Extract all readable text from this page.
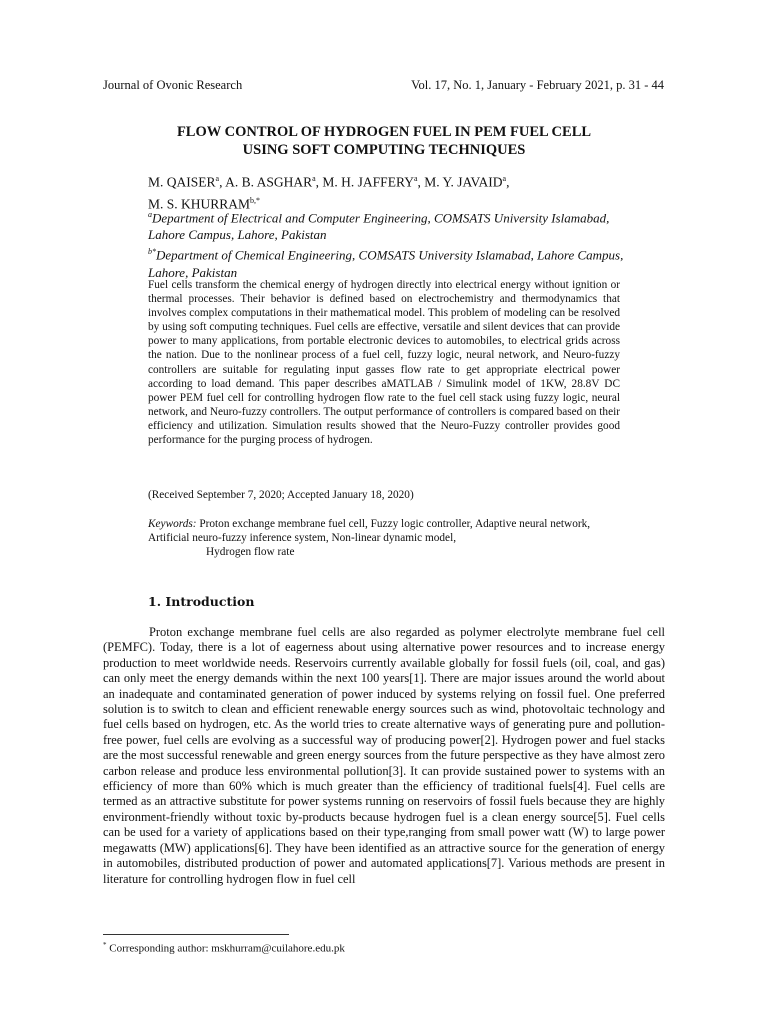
Journal of Ovonic Research	Vol. 17, No. 1, January - February 2021, p. 31 - 44
FLOW CONTROL OF HYDROGEN FUEL IN PEM FUEL CELL
USING SOFT COMPUTING TECHNIQUES
M. QAISER$^a$, A. B. ASGHAR$^a$, M. H. JAFFERY$^a$, M. Y. JAVAID$^a$,
M. S. $KHURRAM^{b,*}$
$^a$Department of Electrical and Computer Engineering, COMSATS University Islamabad, Lahore Campus, Lahore, Pakistan
$^{b*}$Department of Chemical Engineering, COMSATS University Islamabad, Lahore Campus, Lahore, Pakistan
Fuel cells transform the chemical energy of hydrogen directly into electrical energy without ignition or thermal processes. Their behavior is defined based on electrochemistry and thermodynamics that involves complex computations in their mathematical model. This problem of modeling can be resolved by using soft computing techniques. Fuel cells are effective, versatile and silent devices that can provide power to many applications, from portable electronic devices to automobiles, to electrical grids across the nation. Due to the nonlinear process of a fuel cell, fuzzy logic, neural network, and Neuro-fuzzy controllers are suitable for regulating input gasses flow rate to get appropriate electrical power according to load demand. This paper describes aMATLAB / Simulink model of 1KW, 28.8V DC power PEM fuel cell for controlling hydrogen flow rate to the fuel cell stack using fuzzy logic, neural network, and Neuro-fuzzy controllers. The output performance of controllers is compared based on their efficiency and utilization. Simulation results showed that the Neuro-Fuzzy controller provides good performance for the purging process of hydrogen.
(Received September 7, 2020; Accepted January 18, 2020)
Keywords: Proton exchange membrane fuel cell, Fuzzy logic controller, Adaptive neural network, Artificial neuro-fuzzy inference system, Non-linear dynamic model,
Hydrogen flow rate
1. Introduction
Proton exchange membrane fuel cells are also regarded as polymer electrolyte membrane fuel cell (PEMFC). Today, there is a lot of eagerness about using alternative power resources and to increase energy production to meet worldwide needs. Reservoirs currently available globally for fossil fuels (oil, coal, and gas) can only meet the energy demands within the next 100 years[1]. There are major issues around the world about an inadequate and contaminated generation of power induced by systems relying on fossil fuel. One preferred solution is to switch to clean and efficient renewable energy sources such as wind, photovoltaic technology and fuel cells based on hydrogen, etc. As the world tries to create alternative ways of generating pure and pollution-free power, fuel cells are evolving as a successful way of producing power[2]. Hydrogen power and fuel stacks are the most successful renewable and green energy sources from the future perspective as they have almost zero carbon release and produce less environmental pollution[3]. It can provide sustained power to systems with an efficiency of more than 60% which is much greater than the efficiency of traditional fuels[4]. Fuel cells are termed as an attractive substitute for power systems running on reservoirs of fossil fuels because they are highly environment-friendly without toxic by-products because hydrogen fuel is a clean energy source[5]. Fuel cells can be used for a variety of applications based on their type,ranging from small power watt (W) to large power megawatts (MW) applications[6]. They have been identified as an attractive source for the generation of energy in automobiles, distributed production of power and automated applications[7]. Various methods are present in literature for controlling hydrogen flow in fuel cell
* Corresponding author: mskhurram@cuilahore.edu.pk
